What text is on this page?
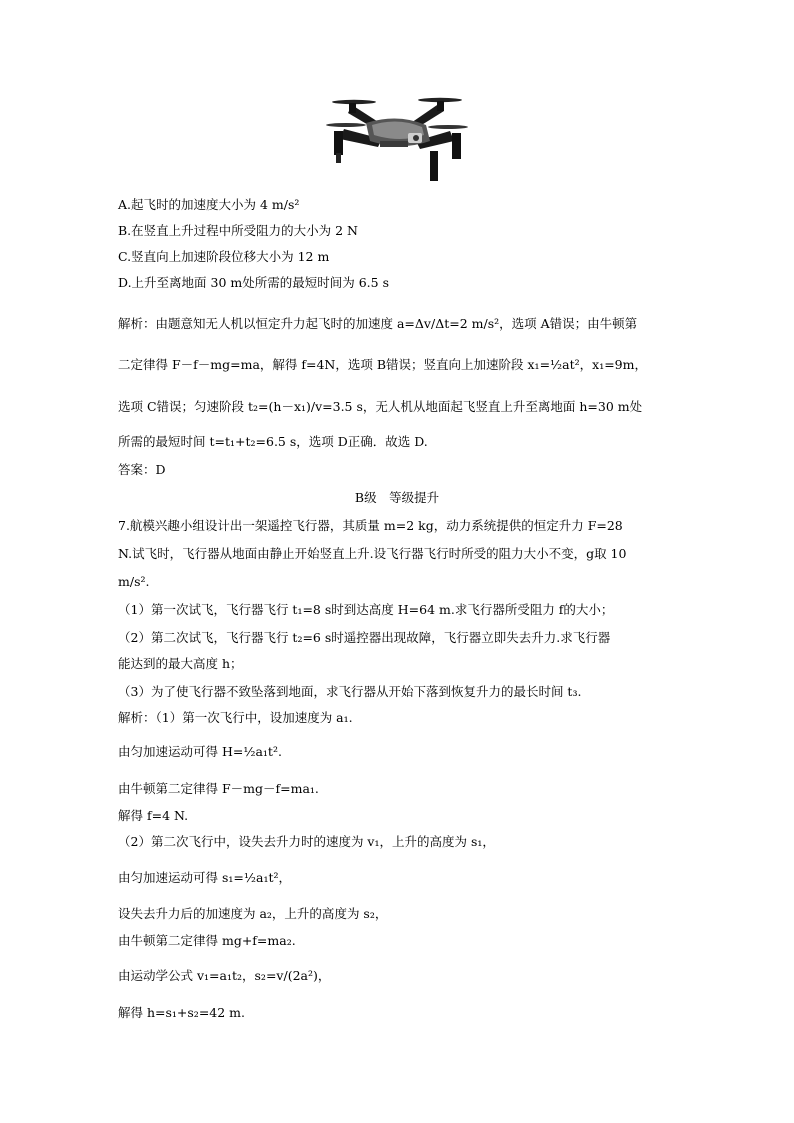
A.起飞时的加速度大小为 4 m/s²
B.在竖直上升过程中所受阻力的大小为 2 N
C.竖直向上加速阶段位移大小为 12 m
D.上升至离地面 30 m处所需的最短时间为 6.5 s
解析：由题意知无人机以恒定升力起飞时的加速度 a=Δv/Δt=2 m/s²，选项 A错误；由牛顿第
二定律得 F－f－mg=ma，解得 f=4N，选项 B错误；竖直向上加速阶段 x₁=½at²，x₁=9m，
选项 C错误；匀速阶段 t₂=(h－x₁)/v=3.5 s，无人机从地面起飞竖直上升至离地面 h=30 m处
所需的最短时间 t=t₁+t₂=6.5 s，选项 D正确．故选 D.
答案：D
B级　等级提升
7.航模兴趣小组设计出一架遥控飞行器，其质量 m=2 kg，动力系统提供的恒定升力 F=28
N.试飞时，飞行器从地面由静止开始竖直上升.设飞行器飞行时所受的阻力大小不变，g取 10
m/s².
（1）第一次试飞，飞行器飞行 t₁=8 s时到达高度 H=64 m.求飞行器所受阻力 f的大小；
（2）第二次试飞，飞行器飞行 t₂=6 s时遥控器出现故障，飞行器立即失去升力.求飞行器
能达到的最大高度 h；
（3）为了使飞行器不致坠落到地面，求飞行器从开始下落到恢复升力的最长时间 t₃.
解析：（1）第一次飞行中，设加速度为 a₁.
由匀加速运动可得 H=½a₁t².
由牛顿第二定律得 F－mg－f=ma₁.
解得 f=4 N.
（2）第二次飞行中，设失去升力时的速度为 v₁，上升的高度为 s₁，
由匀加速运动可得 s₁=½a₁t²，
设失去升力后的加速度为 a₂，上升的高度为 s₂，
由牛顿第二定律得 mg+f=ma₂.
由运动学公式 v₁=a₁t₂，s₂=v/(2a²)，
解得 h=s₁+s₂=42 m.
